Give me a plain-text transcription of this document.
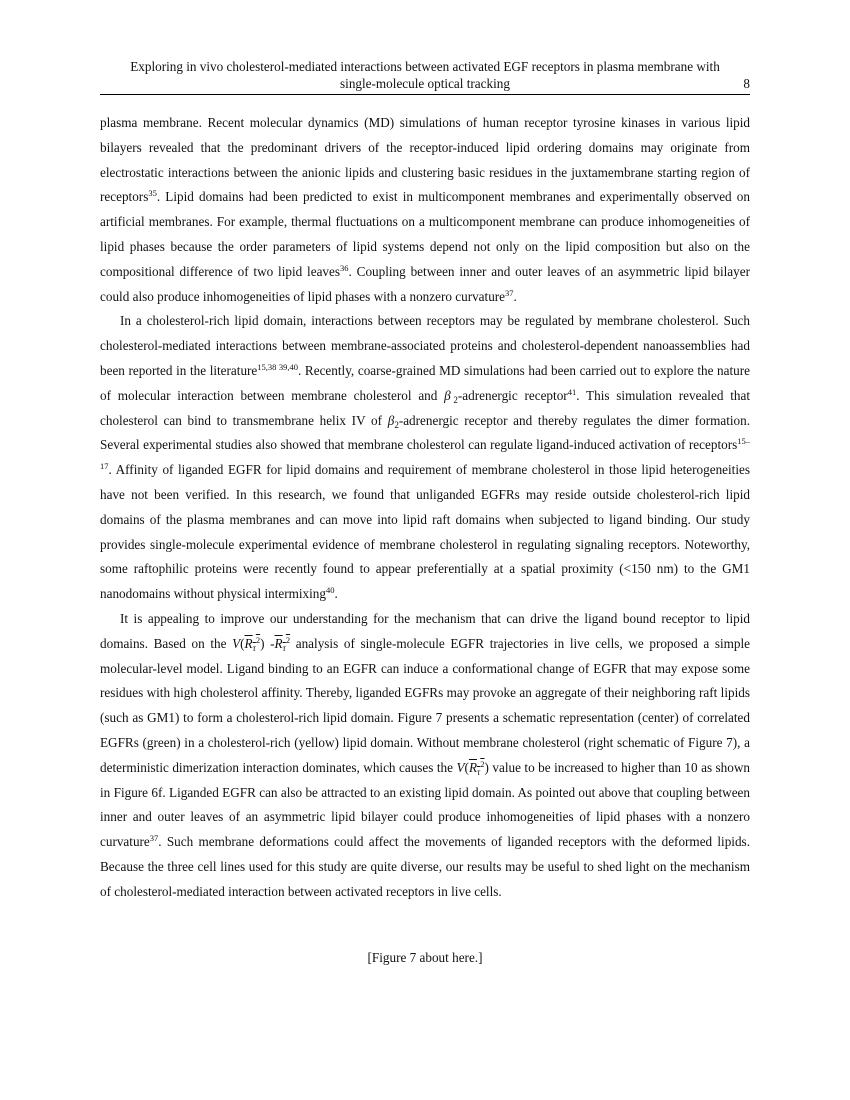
Exploring in vivo cholesterol-mediated interactions between activated EGF receptors in plasma membrane with
single-molecule optical tracking	8

plasma membrane. Recent molecular dynamics (MD) simulations of human receptor tyrosine kinases in various lipid bilayers revealed that the predominant drivers of the receptor-induced lipid ordering domains may originate from electrostatic interactions between the anionic lipids and clustering basic residues in the juxtamembrane starting region of receptors$^{35}$. Lipid domains had been predicted to exist in multicomponent membranes and experimentally observed on artificial membranes. For example, thermal fluctuations on a multicomponent membrane can produce inhomogeneities of lipid phases because the order parameters of lipid systems depend not only on the lipid composition but also on the compositional difference of two lipid leaves$^{36}$. Coupling between inner and outer leaves of an asymmetric lipid bilayer could also produce inhomogeneities of lipid phases with a nonzero curvature$^{37}$.

In a cholesterol-rich lipid domain, interactions between receptors may be regulated by membrane cholesterol. Such cholesterol-mediated interactions between membrane-associated proteins and cholesterol-dependent nanoassemblies had been reported in the literature$^{15,38 39,40}$. Recently, coarse-grained MD simulations had been carried out to explore the nature of molecular interaction between membrane cholesterol and β  $_2$-adrenergic receptor$^{41}$. This simulation revealed that cholesterol can bind to transmembrane helix IV of $\beta_2$-adrenergic receptor and thereby regulates the dimer formation. Several experimental studies also showed that membrane cholesterol can regulate ligand-induced activation of receptors$^{15-17}$. Affinity of liganded EGFR for lipid domains and requirement of membrane cholesterol in those lipid heterogeneities have not been verified. In this research, we found that unliganded EGFRs may reside outside cholesterol-rich lipid domains of the plasma membranes and can move into lipid raft domains when subjected to ligand binding. Our study provides single-molecule experimental evidence of membrane cholesterol in regulating signaling receptors. Noteworthy, some raftophilic proteins were recently found to appear preferentially at a spatial proximity (<150 nm) to the GM1 nanodomains without physical intermixing$^{40}$.

It is appealing to improve our understanding for the mechanism that can drive the ligand bound receptor to lipid domains. Based on the $V(R_\tau^2)$ $-R_\tau^2$ analysis of single-molecule EGFR trajectories in live cells, we proposed a simple molecular-level model. Ligand binding to an EGFR can induce a conformational change of EGFR that may expose some residues with high cholesterol affinity. Thereby, liganded EGFRs may provoke an aggregate of their neighboring raft lipids (such as GM1) to form a cholesterol-rich lipid domain. Figure 7 presents a schematic representation (center) of correlated EGFRs (green) in a cholesterol-rich (yellow) lipid domain. Without membrane cholesterol (right schematic of Figure 7), a deterministic dimerization interaction dominates, which causes the $V(R_\tau^2)$ value to be increased to higher than 10 as shown in Figure 6f. Liganded EGFR can also be attracted to an existing lipid domain. As pointed out above that coupling between inner and outer leaves of an asymmetric lipid bilayer could produce inhomogeneities of lipid phases with a nonzero curvature$^{37}$. Such membrane deformations could affect the movements of liganded receptors with the deformed lipids. Because the three cell lines used for this study are quite diverse, our results may be useful to shed light on the mechanism of cholesterol-mediated interaction between activated receptors in live cells.

[Figure 7 about here.]
